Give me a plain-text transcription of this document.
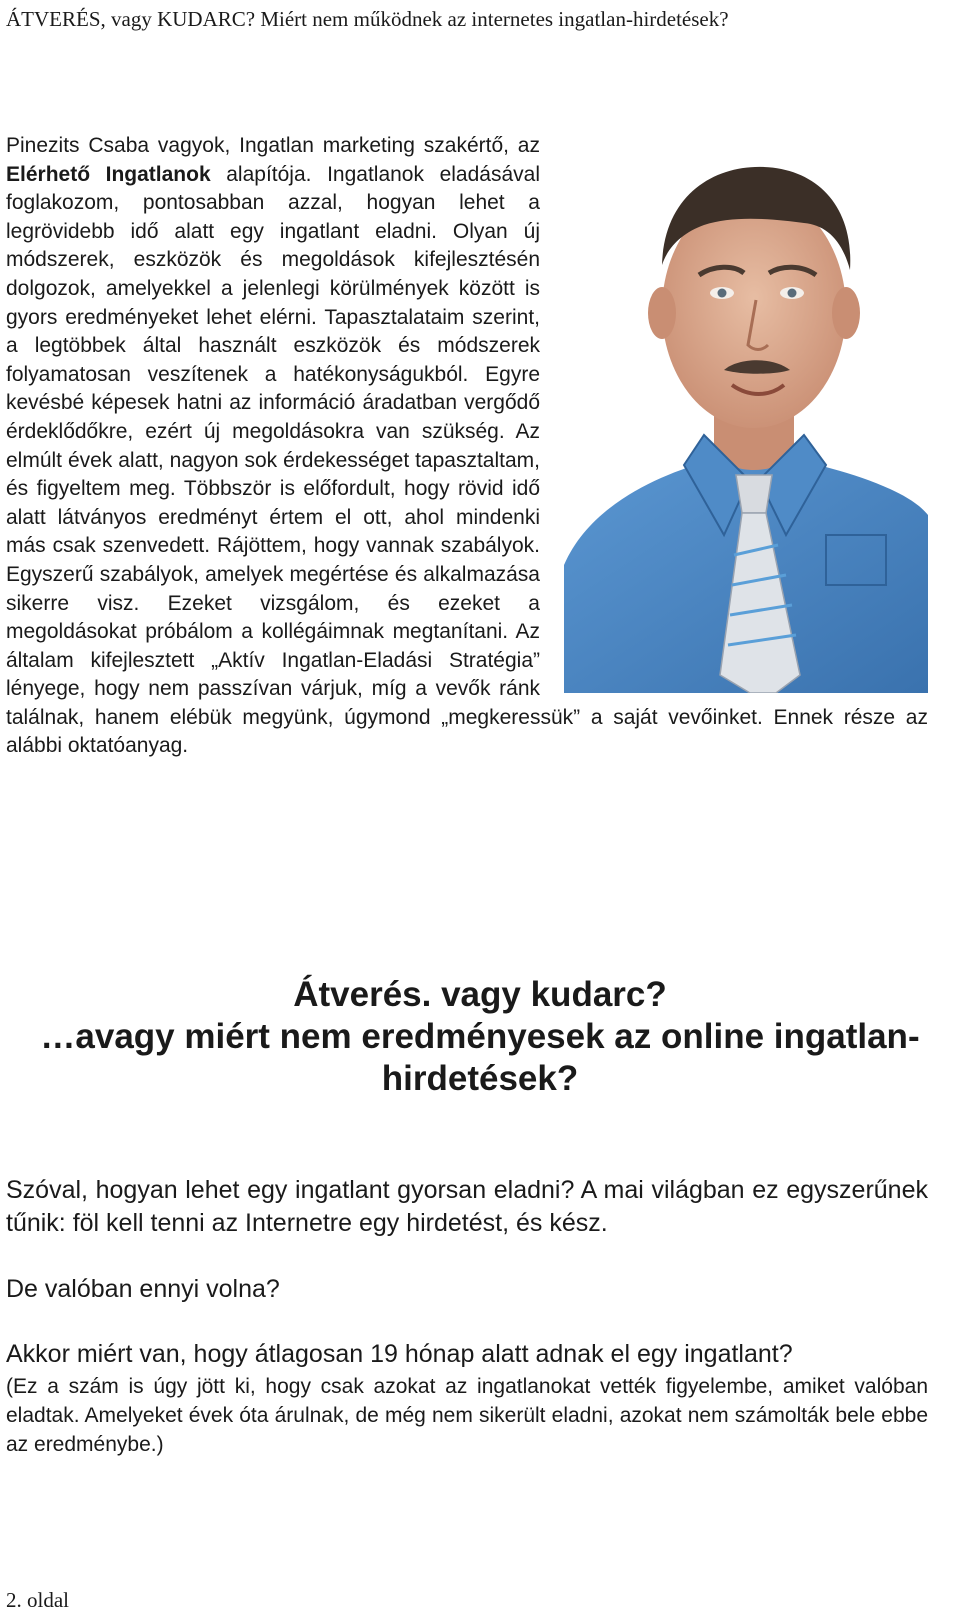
ÁTVERÉS, vagy KUDARC? Miért nem működnek az internetes ingatlan-hirdetések?

Pinezits Csaba vagyok, Ingatlan marketing szakértő, az Elérhető Ingatlanok alapítója. Ingatlanok eladásával foglakozom, pontosabban azzal, hogyan lehet a legrövidebb idő alatt egy ingatlant eladni. Olyan új módszerek, eszközök és megoldások kifejlesztésén dolgozok, amelyekkel a jelenlegi körülmények között is gyors eredményeket lehet elérni. Tapasztalataim szerint, a legtöbbek által használt eszközök és módszerek folyamatosan veszítenek a hatékonyságukból. Egyre kevésbé képesek hatni az információ áradatban vergődő érdeklődőkre, ezért új megoldásokra van szükség. Az elmúlt évek alatt, nagyon sok érdekességet tapasztaltam, és figyeltem meg. Többször is előfordult, hogy rövid idő alatt látványos eredményt értem el ott, ahol mindenki más csak szenvedett. Rájöttem, hogy vannak szabályok. Egyszerű szabályok, amelyek megértése és alkalmazása sikerre visz. Ezeket vizsgálom, és ezeket a megoldásokat próbálom a kollégáimnak megtanítani. Az általam kifejlesztett „Aktív Ingatlan-Eladási Stratégia” lényege, hogy nem passzívan várjuk, míg a vevők ránk találnak, hanem elébük megyünk, úgymond „megkeressük” a saját vevőinket. Ennek része az alábbi oktatóanyag.

Átverés. vagy kudarc?
…avagy miért nem eredményesek az online ingatlan-hirdetések?

Szóval, hogyan lehet egy ingatlant gyorsan eladni? A mai világban ez egyszerűnek tűnik: föl kell tenni az Internetre egy hirdetést, és kész.

De valóban ennyi volna?

Akkor miért van, hogy átlagosan 19 hónap alatt adnak el egy ingatlant?

(Ez a szám is úgy jött ki, hogy csak azokat az ingatlanokat vették figyelembe, amiket valóban eladtak. Amelyeket évek óta árulnak, de még nem sikerült eladni, azokat nem számolták bele ebbe az eredménybe.)

2. oldal
